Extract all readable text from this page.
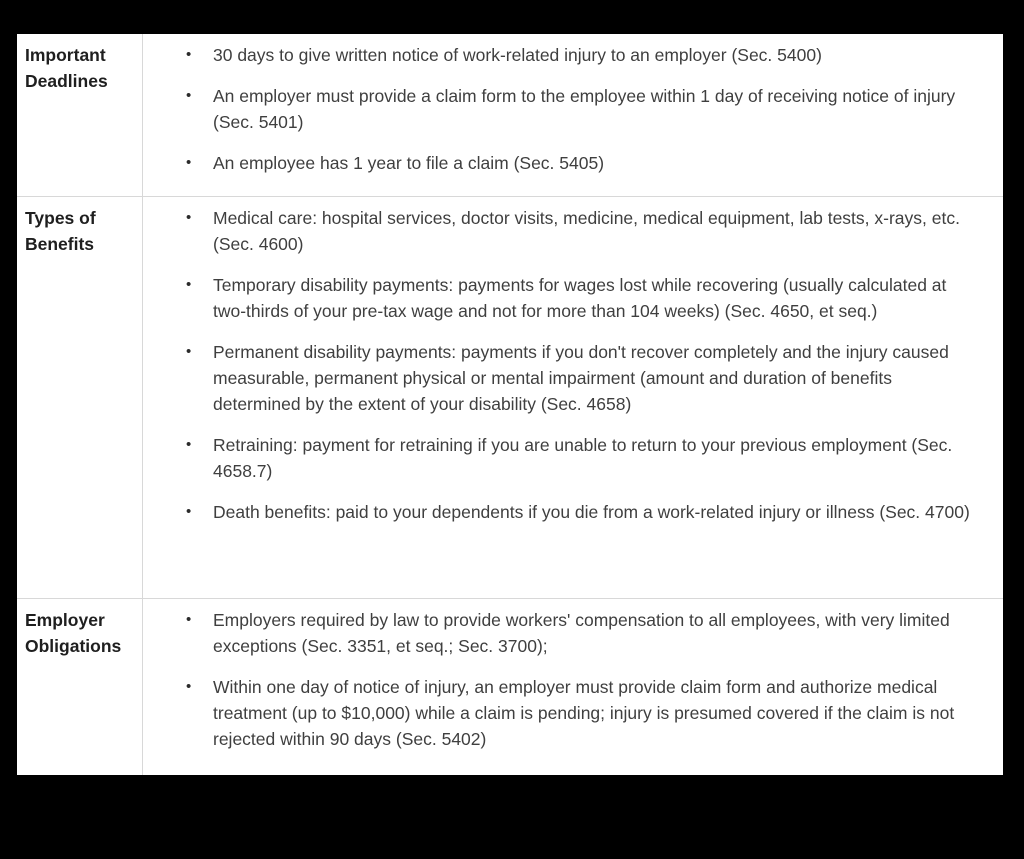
Important Deadlines
•	30 days to give written notice of work-related injury to an employer (Sec. 5400)
•	An employer must provide a claim form to the employee within 1 day of receiving notice of injury (Sec. 5401)
•	An employee has 1 year to file a claim (Sec. 5405)
Types of Benefits
•	Medical care: hospital services, doctor visits, medicine, medical equipment, lab tests, x-rays, etc. (Sec. 4600)
•	Temporary disability payments: payments for wages lost while recovering (usually calculated at two-thirds of your pre-tax wage and not for more than 104 weeks) (Sec. 4650, et seq.)
•	Permanent disability payments: payments if you don't recover completely and the injury caused measurable, permanent physical or mental impairment (amount and duration of benefits determined by the extent of your disability (Sec. 4658)
•	Retraining: payment for retraining if you are unable to return to your previous employment (Sec. 4658.7)
•	Death benefits: paid to your dependents if you die from a work-related injury or illness (Sec. 4700)
Employer Obligations
•	Employers required by law to provide workers' compensation to all employees, with very limited exceptions (Sec. 3351, et seq.; Sec. 3700);
•	Within one day of notice of injury, an employer must provide claim form and authorize medical treatment (up to $10,000) while a claim is pending; injury is presumed covered if the claim is not rejected within 90 days (Sec. 5402)
